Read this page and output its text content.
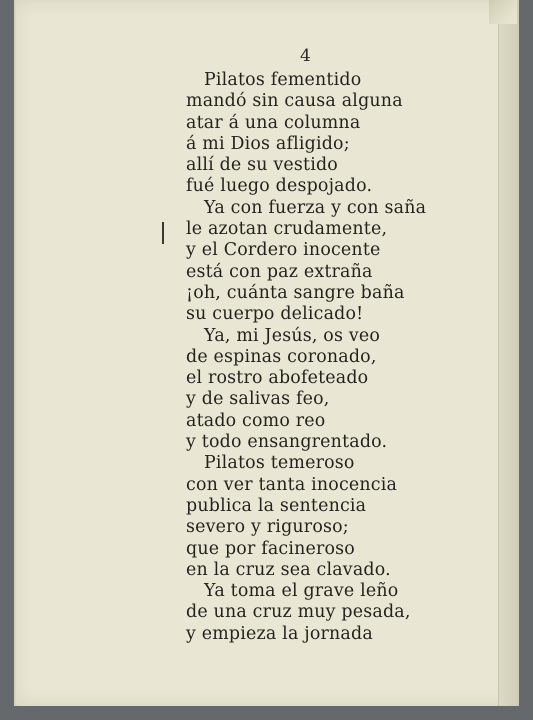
4
Pilatos fementido
mandó sin causa alguna
atar á una columna
á mi Dios afligido;
allí de su vestido
fué luego despojado.
Ya con fuerza y con saña
le azotan crudamente,
y el Cordero inocente
está con paz extraña
¡oh, cuánta sangre baña
su cuerpo delicado!
Ya, mi Jesús, os veo
de espinas coronado,
el rostro abofeteado
y de salivas feo,
atado como reo
y todo ensangrentado.
Pilatos temeroso
con ver tanta inocencia
publica la sentencia
severo y riguroso;
que por facineroso
en la cruz sea clavado.
Ya toma el grave leño
de una cruz muy pesada,
y empieza la jornada
